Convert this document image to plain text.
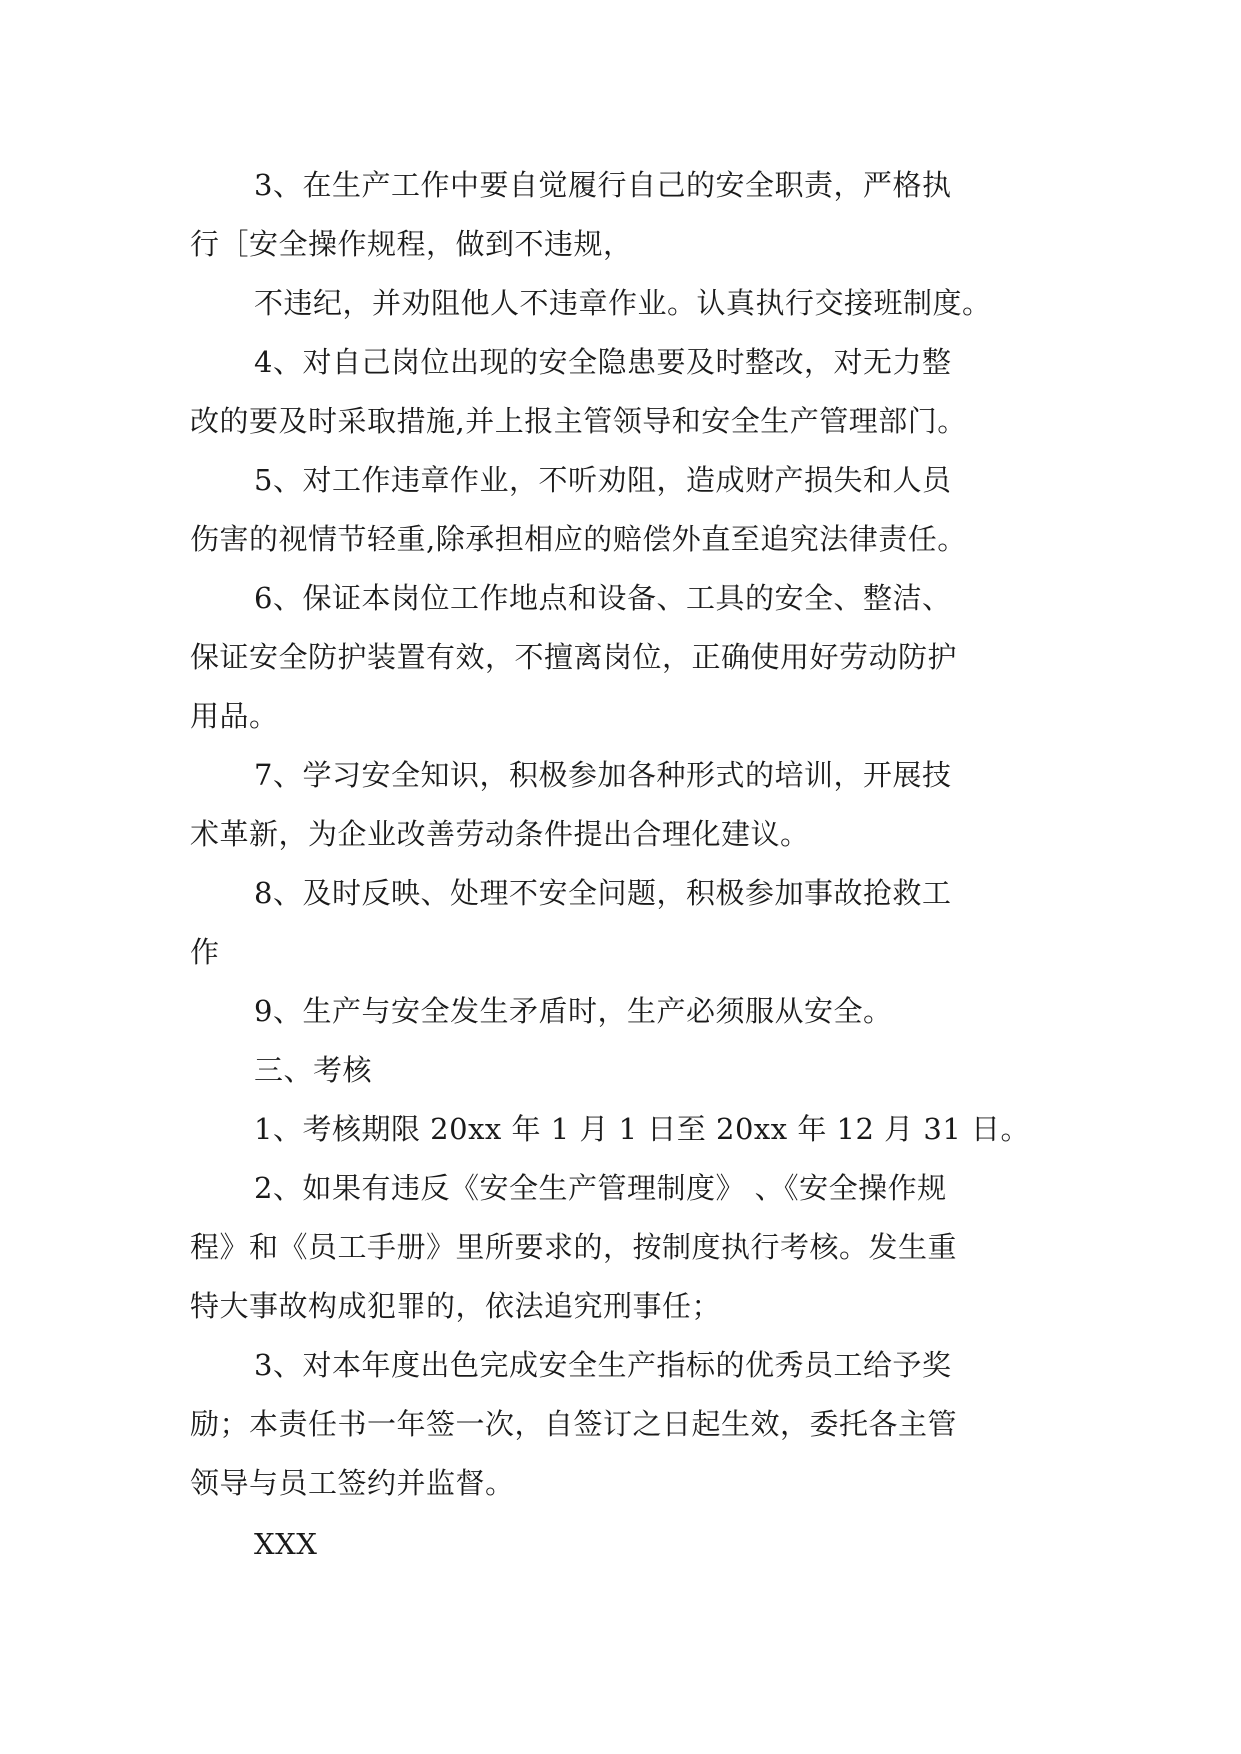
3、在生产工作中要自觉履行自己的安全职责，严格执
行［安全操作规程，做到不违规，
不违纪，并劝阻他人不违章作业。认真执行交接班制度。
4、对自己岗位出现的安全隐患要及时整改，对无力整
改的要及时采取措施,并上报主管领导和安全生产管理部门。
5、对工作违章作业，不听劝阻，造成财产损失和人员
伤害的视情节轻重,除承担相应的赔偿外直至追究法律责任。
6、保证本岗位工作地点和设备、工具的安全、整洁、
保证安全防护装置有效，不擅离岗位，正确使用好劳动防护
用品。
7、学习安全知识，积极参加各种形式的培训，开展技
术革新，为企业改善劳动条件提出合理化建议。
8、及时反映、处理不安全问题，积极参加事故抢救工
作
9、生产与安全发生矛盾时，生产必须服从安全。
三、考核
1、考核期限 20xx 年 1 月 1 日至 20xx 年 12 月 31 日。
2、如果有违反《安全生产管理制度》 、《安全操作规
程》和《员工手册》里所要求的，按制度执行考核。发生重
特大事故构成犯罪的，依法追究刑事任；
3、对本年度出色完成安全生产指标的优秀员工给予奖
励；本责任书一年签一次，自签订之日起生效，委托各主管
领导与员工签约并监督。
XXX
